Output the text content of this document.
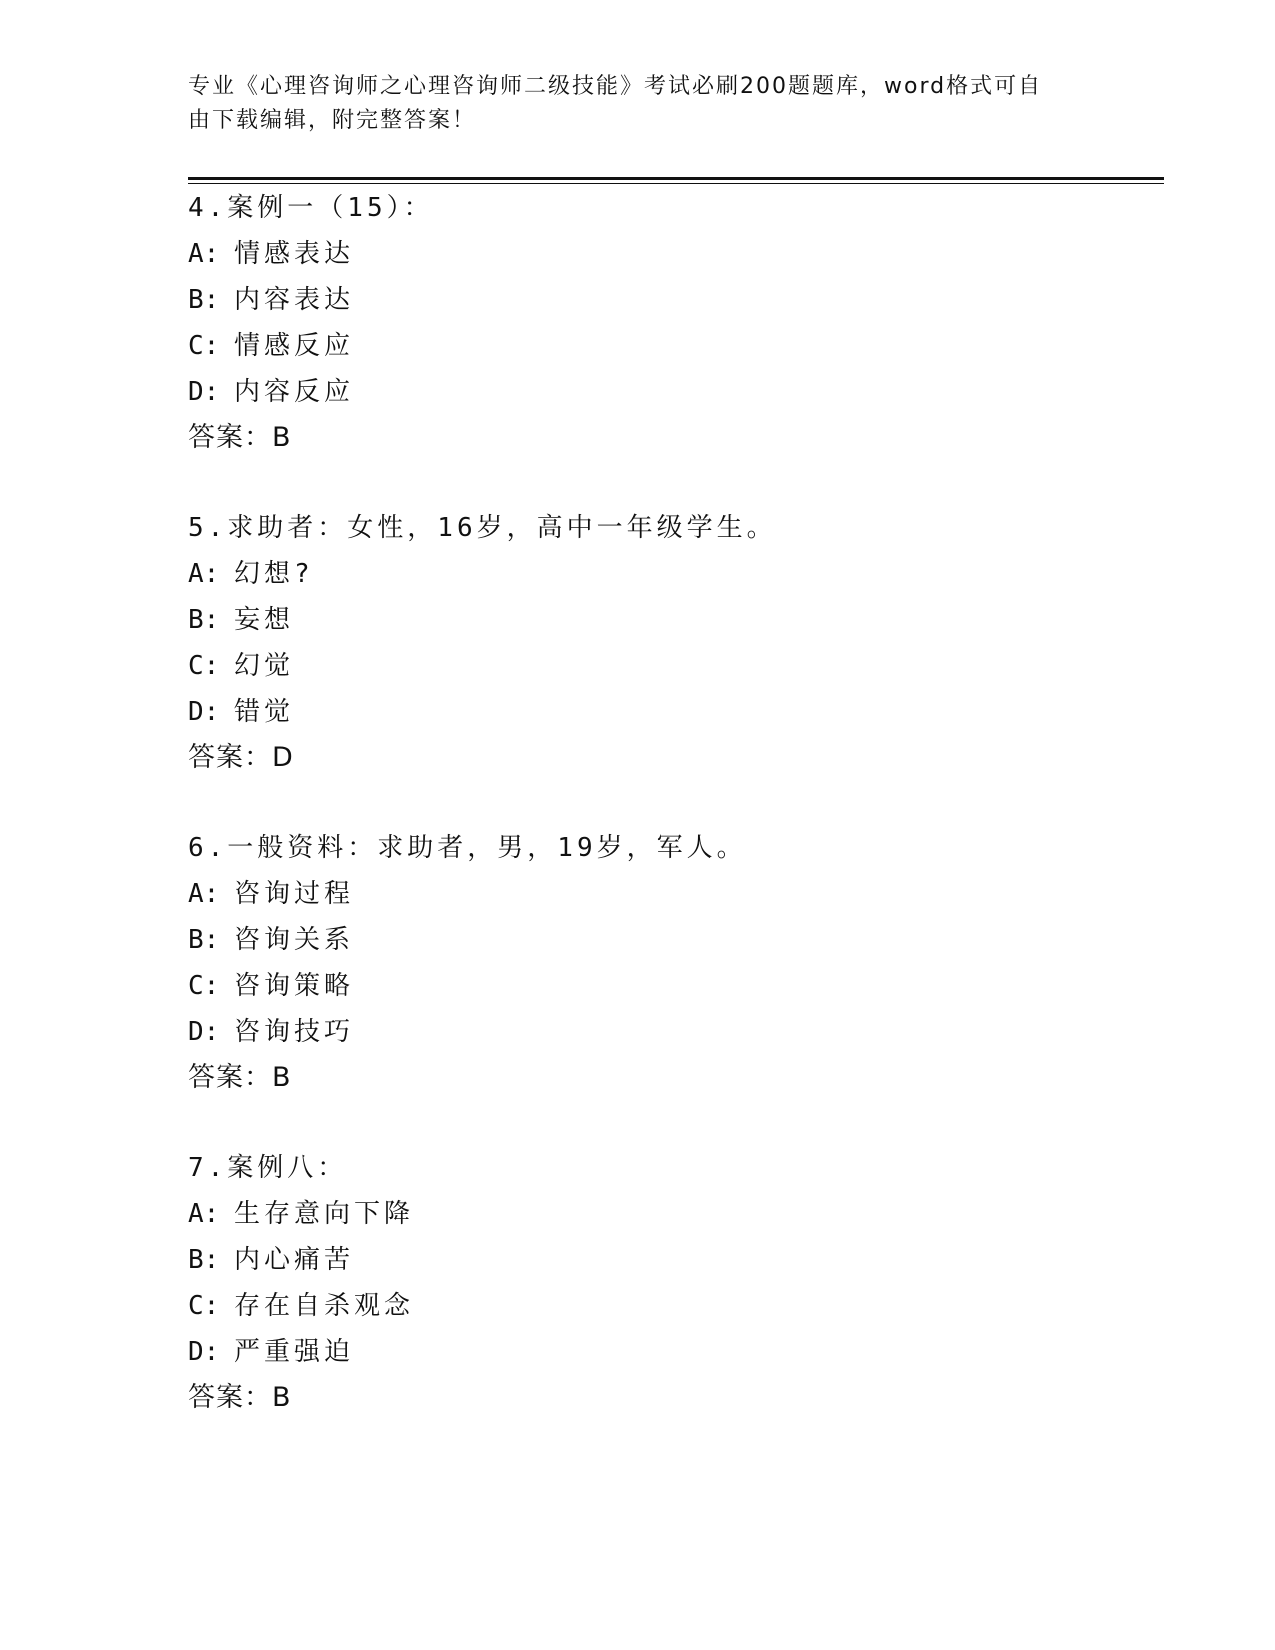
专业《心理咨询师之心理咨询师二级技能》考试必刷200题题库，word格式可自
由下载编辑，附完整答案！
4.案例一（15）：
A: 情感表达
B: 内容表达
C: 情感反应
D: 内容反应
答案：B
5.求助者：女性，16岁，高中一年级学生。
A: 幻想?
B: 妄想
C: 幻觉
D: 错觉
答案：D
6.一般资料：求助者，男，19岁，军人。
A: 咨询过程
B: 咨询关系
C: 咨询策略
D: 咨询技巧
答案：B
7.案例八：
A: 生存意向下降
B: 内心痛苦
C: 存在自杀观念
D: 严重强迫
答案：B
